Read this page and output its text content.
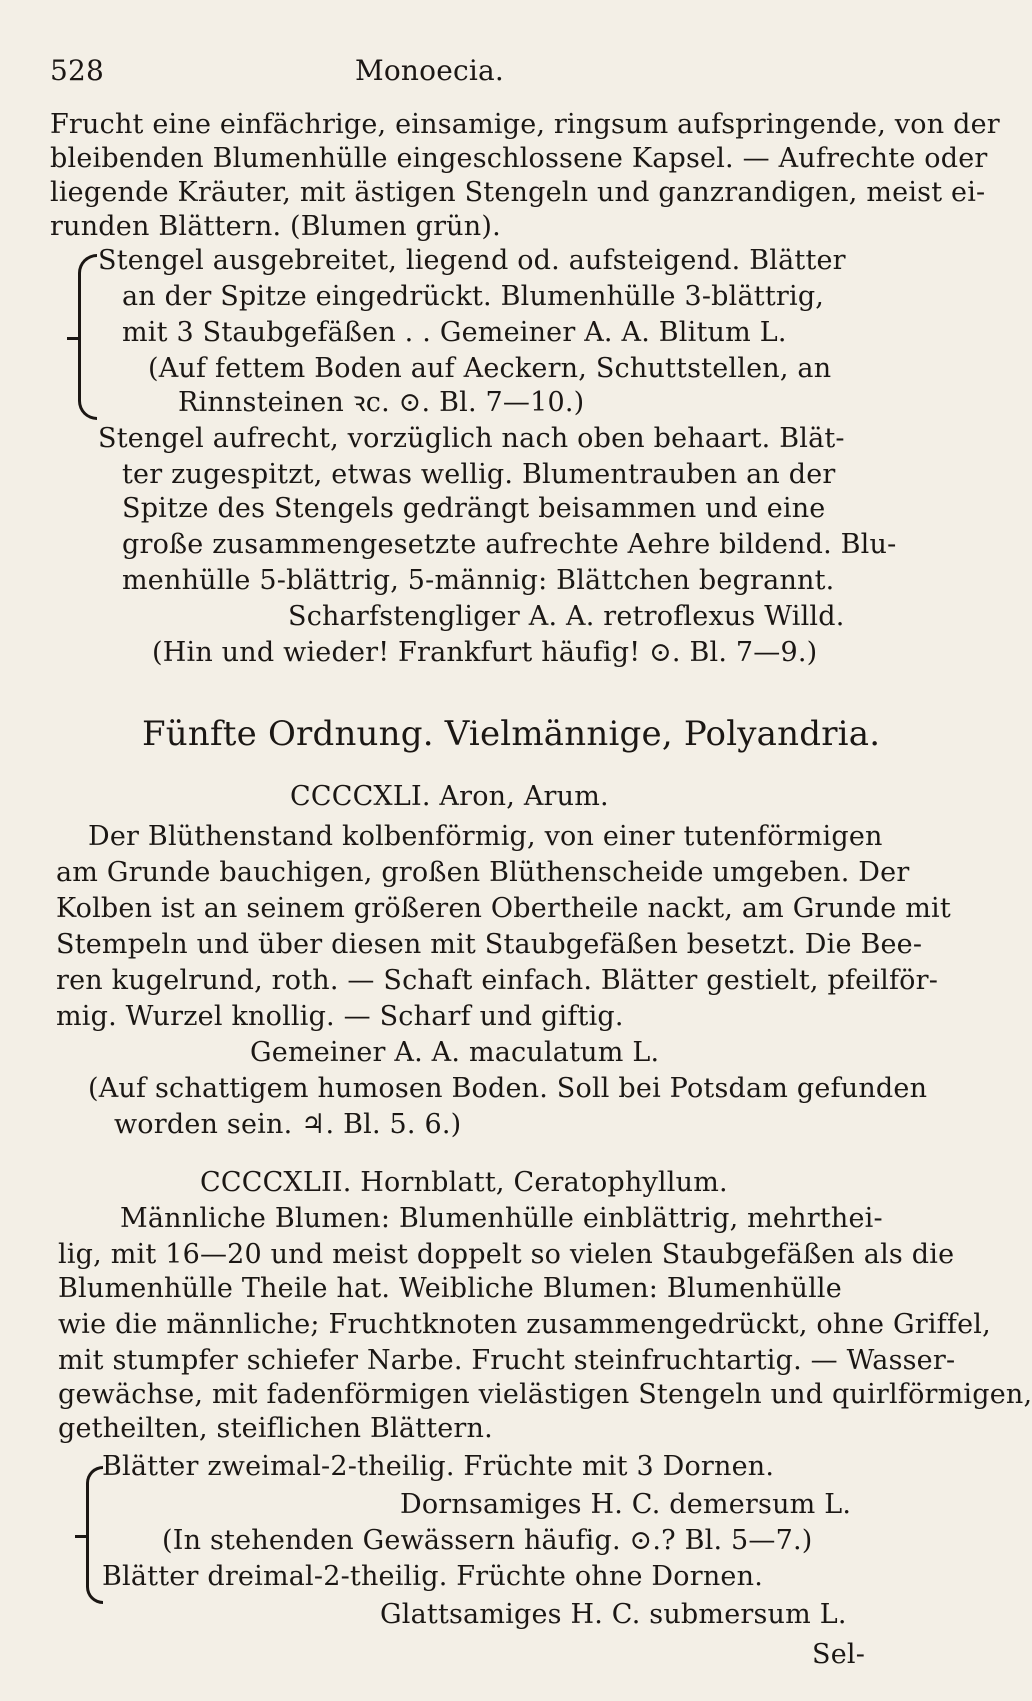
528	Monoecia.
Frucht eine einfächrige, einsamige, ringsum aufspringende, von der
bleibenden Blumenhülle eingeschlossene Kapsel. — Aufrechte oder
liegende Kräuter, mit ästigen Stengeln und ganzrandigen, meist ei-
runden Blättern. (Blumen grün).
Stengel ausgebreitet, liegend od. aufsteigend. Blätter
an der Spitze eingedrückt. Blumenhülle 3-blättrig,
mit 3 Staubgefäßen . . Gemeiner A. A. Blitum L.
(Auf fettem Boden auf Aeckern, Schuttstellen, an
Rinnsteinen ꝛc. ⊙. Bl. 7—10.)
Stengel aufrecht, vorzüglich nach oben behaart. Blät-
ter zugespitzt, etwas wellig. Blumentrauben an der
Spitze des Stengels gedrängt beisammen und eine
große zusammengesetzte aufrechte Aehre bildend. Blu-
menhülle 5-blättrig, 5-männig: Blättchen begrannt.
Scharfstengliger A. A. retroflexus Willd.
(Hin und wieder! Frankfurt häufig! ⊙. Bl. 7—9.)
Fünfte Ordnung. Vielmännige, Polyandria.
CCCCXLI. Aron, Arum.
Der Blüthenstand kolbenförmig, von einer tutenförmigen
am Grunde bauchigen, großen Blüthenscheide umgeben. Der
Kolben ist an seinem größeren Obertheile nackt, am Grunde mit
Stempeln und über diesen mit Staubgefäßen besetzt. Die Bee-
ren kugelrund, roth. — Schaft einfach. Blätter gestielt, pfeilför-
mig. Wurzel knollig. — Scharf und giftig.
Gemeiner A. A. maculatum L.
(Auf schattigem humosen Boden. Soll bei Potsdam gefunden
worden sein. ♃. Bl. 5. 6.)
CCCCXLII. Hornblatt, Ceratophyllum.
Männliche Blumen: Blumenhülle einblättrig, mehrthei-
lig, mit 16—20 und meist doppelt so vielen Staubgefäßen als die
Blumenhülle Theile hat. Weibliche Blumen: Blumenhülle
wie die männliche; Fruchtknoten zusammengedrückt, ohne Griffel,
mit stumpfer schiefer Narbe. Frucht steinfruchtartig. — Wasser-
gewächse, mit fadenförmigen vielästigen Stengeln und quirlförmigen,
getheilten, steiflichen Blättern.
Blätter zweimal-2-theilig. Früchte mit 3 Dornen.
Dornsamiges H. C. demersum L.
(In stehenden Gewässern häufig. ⊙.? Bl. 5—7.)
Blätter dreimal-2-theilig. Früchte ohne Dornen.
Glattsamiges H. C. submersum L.
Sel-
